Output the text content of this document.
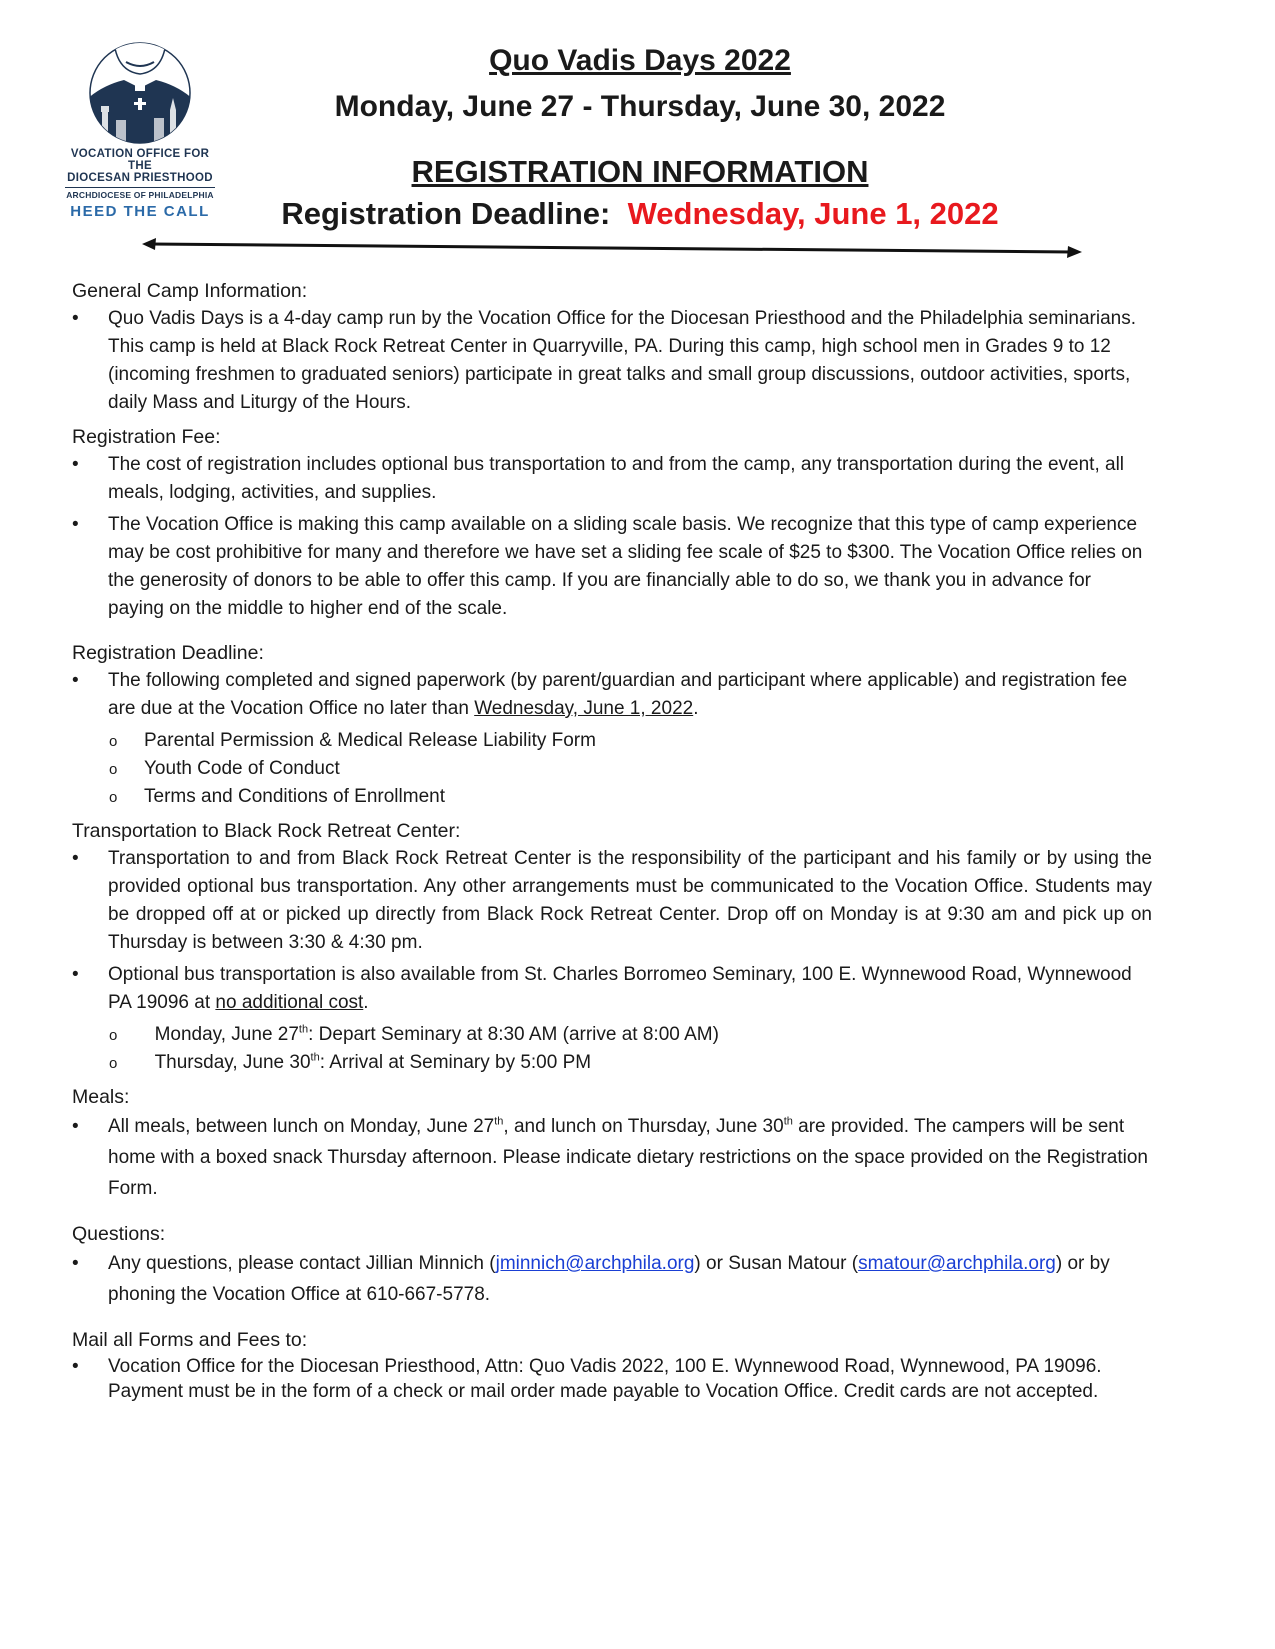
VOCATION OFFICE FOR THE
DIOCESAN PRIESTHOOD
ARCHDIOCESE OF PHILADELPHIA
HEED THE CALL
Quo Vadis Days 2022
Monday, June 27 - Thursday, June 30, 2022
REGISTRATION INFORMATION
Registration Deadline: Wednesday, June 1, 2022

General Camp Information:

• Quo Vadis Days is a 4-day camp run by the Vocation Office for the Diocesan Priesthood and the Philadelphia seminarians. This camp is held at Black Rock Retreat Center in Quarryville, PA. During this camp, high school men in Grades 9 to 12 (incoming freshmen to graduated seniors) participate in great talks and small group discussions, outdoor activities, sports, daily Mass and Liturgy of the Hours.

Registration Fee:

• The cost of registration includes optional bus transportation to and from the camp, any transportation during the event, all meals, lodging, activities, and supplies.
• The Vocation Office is making this camp available on a sliding scale basis. We recognize that this type of camp experience may be cost prohibitive for many and therefore we have set a sliding fee scale of $25 to $300. The Vocation Office relies on the generosity of donors to be able to offer this camp. If you are financially able to do so, we thank you in advance for paying on the middle to higher end of the scale.

Registration Deadline:

• The following completed and signed paperwork (by parent/guardian and participant where applicable) and registration fee are due at the Vocation Office no later than Wednesday, June 1, 2022.
o Parental Permission & Medical Release Liability Form
o Youth Code of Conduct
o Terms and Conditions of Enrollment

Transportation to Black Rock Retreat Center:

• Transportation to and from Black Rock Retreat Center is the responsibility of the participant and his family or by using the provided optional bus transportation. Any other arrangements must be communicated to the Vocation Office. Students may be dropped off at or picked up directly from Black Rock Retreat Center. Drop off on Monday is at 9:30 am and pick up on Thursday is between 3:30 & 4:30 pm.
• Optional bus transportation is also available from St. Charles Borromeo Seminary, 100 E. Wynnewood Road, Wynnewood PA 19096 at no additional cost.
o Monday, June 27th: Depart Seminary at 8:30 AM (arrive at 8:00 AM)
o Thursday, June 30th: Arrival at Seminary by 5:00 PM

Meals:

• All meals, between lunch on Monday, June 27th, and lunch on Thursday, June 30th are provided. The campers will be sent home with a boxed snack Thursday afternoon. Please indicate dietary restrictions on the space provided on the Registration Form.

Questions:

• Any questions, please contact Jillian Minnich (jminnich@archphila.org) or Susan Matour (smatour@archphila.org) or by phoning the Vocation Office at 610-667-5778.

Mail all Forms and Fees to:

• Vocation Office for the Diocesan Priesthood, Attn: Quo Vadis 2022, 100 E. Wynnewood Road, Wynnewood, PA 19096. Payment must be in the form of a check or mail order made payable to Vocation Office. Credit cards are not accepted.
